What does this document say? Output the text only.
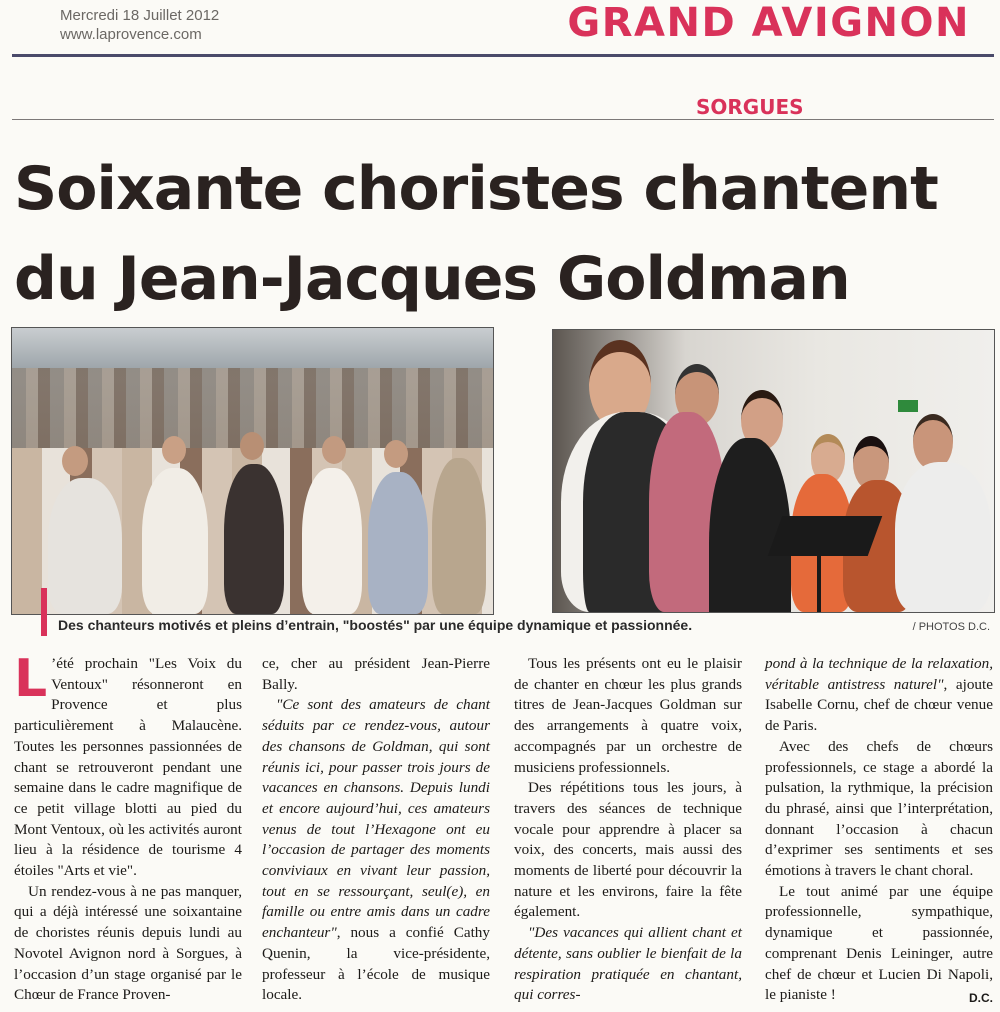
Mercredi 18 Juillet 2012
www.laprovence.com	GRAND AVIGNON
SORGUES
Soixante choristes chantent
du Jean-Jacques Goldman
Des chanteurs motivés et pleins d’entrain, "boostés" par une équipe dynamique et passionnée.	/ PHOTOS D.C.

L ’été prochain "Les Voix du Ventoux" résonneront en Provence et plus particulièrement à Malaucène. Toutes les personnes passionnées de chant se retrouveront pendant une semaine dans le cadre magnifique de ce petit village blotti au pied du Mont Ventoux, où les activités auront lieu à la résidence de tourisme 4 étoiles "Arts et vie".

Un rendez-vous à ne pas manquer, qui a déjà intéressé une soixantaine de choristes réunis depuis lundi au Novotel Avignon nord à Sorgues, à l’occasion d’un stage organisé par le Chœur de France Proven-

ce, cher au président Jean-Pierre Bally.

"Ce sont des amateurs de chant séduits par ce rendez-vous, autour des chansons de Goldman, qui sont réunis ici, pour passer trois jours de vacances en chansons. Depuis lundi et encore aujourd’hui, ces amateurs venus de tout l’Hexagone ont eu l’occasion de partager des moments conviviaux en vivant leur passion, tout en se ressourçant, seul(e), en famille ou entre amis dans un cadre enchanteur", nous a confié Cathy Quenin, la vice-présidente, professeur à l’école de musique locale.

Tous les présents ont eu le plaisir de chanter en chœur les plus grands titres de Jean-Jacques Goldman sur des arrangements à quatre voix, accompagnés par un orchestre de musiciens professionnels.

Des répétitions tous les jours, à travers des séances de technique vocale pour apprendre à placer sa voix, des concerts, mais aussi des moments de liberté pour découvrir la nature et les environs, faire la fête également.

"Des vacances qui allient chant et détente, sans oublier le bienfait de la respiration pratiquée en chantant, qui corres-

pond à la technique de la relaxation, véritable antistress naturel", ajoute Isabelle Cornu, chef de chœur venue de Paris.

Avec des chefs de chœurs professionnels, ce stage a abordé la pulsation, la rythmique, la précision du phrasé, ainsi que l’interprétation, donnant l’occasion à chacun d’exprimer ses sentiments et ses émotions à travers le chant choral.

Le tout animé par une équipe professionnelle, sympathique, dynamique et passionnée, comprenant Denis Leininger, autre chef de chœur et Lucien Di Napoli, le pianiste !	D.C.
